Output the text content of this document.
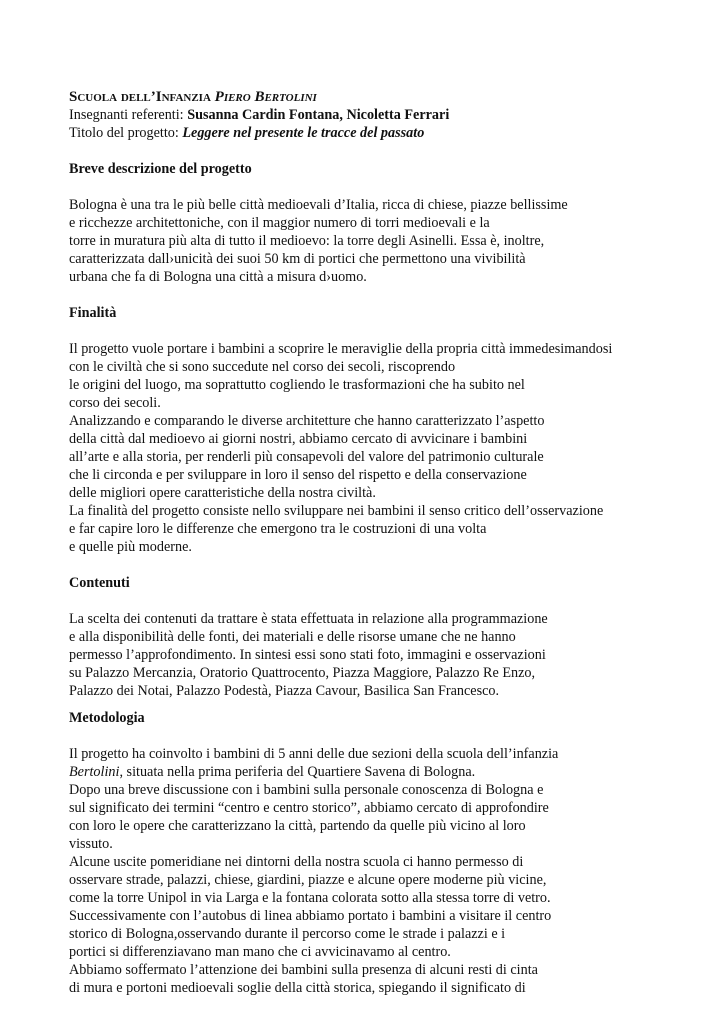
Scuola dell’Infanzia Piero Bertolini
Insegnanti referenti: Susanna Cardin Fontana, Nicoletta Ferrari
Titolo del progetto: Leggere nel presente le tracce del passato
Breve descrizione del progetto
Bologna è una tra le più belle città medioevali d’Italia, ricca di chiese, piazze bellissime
e ricchezze architettoniche, con il maggior numero di torri medioevali e la
torre in muratura più alta di tutto il medioevo: la torre degli Asinelli. Essa è, inoltre,
caratterizzata dall›unicità dei suoi 50 km di portici che permettono una vivibilità
urbana che fa di Bologna una città a misura d›uomo.
Finalità
Il progetto vuole portare i bambini a scoprire le meraviglie della propria città immedesimandosi
con le civiltà che si sono succedute nel corso dei secoli, riscoprendo
le origini del luogo, ma soprattutto cogliendo le trasformazioni che ha subito nel
corso dei secoli.
Analizzando e comparando le diverse architetture che hanno caratterizzato l’aspetto
della città dal medioevo ai giorni nostri, abbiamo cercato di avvicinare i bambini
all’arte e alla storia, per renderli più consapevoli del valore del patrimonio culturale
che li circonda e per sviluppare in loro il senso del rispetto e della conservazione
delle migliori opere caratteristiche della nostra civiltà.
La finalità del progetto consiste nello sviluppare nei bambini il senso critico dell’osservazione
e far capire loro le differenze che emergono tra le costruzioni di una volta
e quelle più moderne.
Contenuti
La scelta dei contenuti da trattare è stata effettuata in relazione alla programmazione
e alla disponibilità delle fonti, dei materiali e delle risorse umane che ne hanno
permesso l’approfondimento. In sintesi essi sono stati foto, immagini e osservazioni
su Palazzo Mercanzia, Oratorio Quattrocento, Piazza Maggiore, Palazzo Re Enzo,
Palazzo dei Notai, Palazzo Podestà, Piazza Cavour, Basilica San Francesco.
Metodologia
Il progetto ha coinvolto i bambini di 5 anni delle due sezioni della scuola dell’infanzia
Bertolini, situata nella prima periferia del Quartiere Savena di Bologna.
Dopo una breve discussione con i bambini sulla personale conoscenza di Bologna e
sul significato dei termini “centro e centro storico”, abbiamo cercato di approfondire
con loro le opere che caratterizzano la città, partendo da quelle più vicino al loro
vissuto.
Alcune uscite pomeridiane nei dintorni della nostra scuola ci hanno permesso di
osservare strade, palazzi, chiese, giardini, piazze e alcune opere moderne più vicine,
come la torre Unipol in via Larga e la fontana colorata sotto alla stessa torre di vetro.
Successivamente con l’autobus di linea abbiamo portato i bambini a visitare il centro
storico di Bologna,osservando durante il percorso come le strade i palazzi e i
portici si differenziavano man mano che ci avvicinavamo al centro.
Abbiamo soffermato l’attenzione dei bambini sulla presenza di alcuni resti di cinta
di mura e portoni medioevali soglie della città storica, spiegando il significato di
